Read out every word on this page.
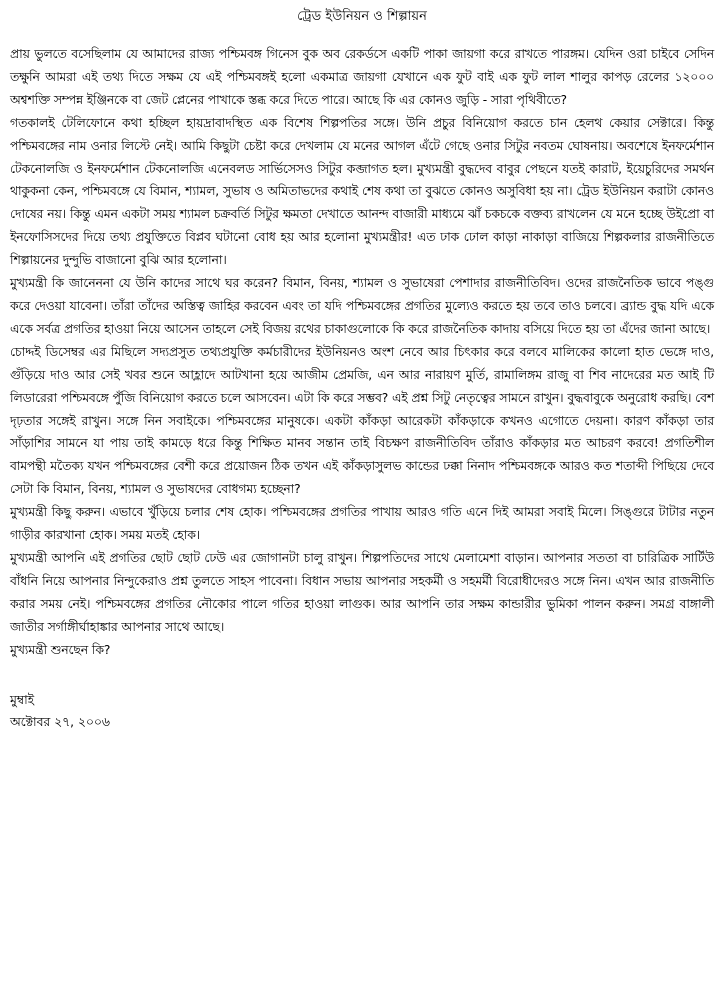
ট্রেড ইউনিয়ন ও শিল্পায়ন

প্রায় ভুলতে বসেছিলাম যে আমাদের রাজ্য পশ্চিমবঙ্গ গিনেস বুক অব রেকর্ডসে একটি পাকা জায়গা করে রাখতে পারঙ্গম। যেদিন ওরা চাইবে সেদিন তক্ষুনি আমরা এই তথ্য দিতে সক্ষম যে এই পশ্চিমবঙ্গই হলো একমাত্র জায়গা যেখানে এক ফুট বাই এক ফুট লাল শালুর কাপড় রেলের ১২০০০ অশ্বশক্তি সম্পন্ন ইঞ্জিনকে বা জেট প্লেনের পাখাকে স্তব্ধ করে দিতে পারে। আছে কি এর কোনও জুড়ি - সারা পৃথিবীতে?

গতকালই টেলিফোনে কথা হচ্ছিল হায়দ্রাবাদস্থিত এক বিশেষ শিল্পপতির সঙ্গে। উনি প্রচুর বিনিয়োগ করতে চান হেলথ কেয়ার সেক্টারে। কিন্তু পশ্চিমবঙ্গের নাম ওনার লিস্টে নেই। আমি কিছুটা চেষ্টা করে দেখলাম যে মনের আগল এঁটে গেছে ওনার সিটুর নবতম ঘোষনায়। অবশেষে ইনফর্মেশান টেকনোলজি ও ইনফর্মেশান টেকনোলজি এনেবলড সার্ভিসেসও সিটুর কব্জাগত হল। মুখ্যমন্ত্রী বুদ্ধদেব বাবুর পেছনে যতই কারাট, ইয়েচুরিদের সমর্থন থাকুকনা কেন, পশ্চিমবঙ্গে যে বিমান, শ্যামল, সুভাষ ও অমিতাভদের কথাই শেষ কথা তা বুঝতে কোনও অসুবিধা হয় না। ট্রেড ইউনিয়ন করাটা কোনও দোষের নয়। কিন্তু এমন একটা সময় শ্যামল চক্রবর্তি সিটুর ক্ষমতা দেখাতে আনন্দ বাজারী মাধ্যমে ঝাঁ চকচকে বক্তব্য রাখলেন যে মনে হচ্ছে উইপ্রো বা ইনফোসিসদের দিয়ে তথ্য প্রযুক্তিতে বিপ্লব ঘটানো বোধ হয় আর হলোনা মুখ্যমন্ত্রীর! এত ঢাক ঢোল কাড়া নাকাড়া বাজিয়ে শিল্পকলার রাজনীতিতে শিল্পায়নের দুন্দুভি বাজানো বুঝি আর হলোনা।

মুখ্যমন্ত্রী কি জানেননা যে উনি কাদের সাথে ঘর করেন? বিমান, বিনয়, শ্যামল ও সুভাষেরা পেশাদার রাজনীতিবিদ। ওদের রাজনৈতিক ভাবে পঙ্গু করে দেওয়া যাবেনা। তাঁরা তাঁদের অস্তিত্ব জাহির করবেন এবং তা যদি পশ্চিমবঙ্গের প্রগতির মুল্যেও করতে হয় তবে তাও চলবে। ব্র্যান্ড বুদ্ধ যদি একে একে সর্বত্র প্রগতির হাওয়া নিয়ে আসেন তাহলে সেই বিজয় রথের চাকাগুলোকে কি করে রাজনৈতিক কাদায় বসিয়ে দিতে হয় তা এঁদের জানা আছে।

চোদ্দই ডিসেম্বর এর মিছিলে সদ্যপ্রসুত তথ্যপ্রযুক্তি কর্মচারীদের ইউনিয়নও অংশ নেবে আর চিৎকার করে বলবে মালিকের কালো হাত ভেঙ্গে দাও, গুঁড়িয়ে দাও আর সেই খবর শুনে আহ্লাদে আটখানা হয়ে আজীম প্রেমজি, এন আর নারায়ণ মুর্তি, রামালিঙ্গম রাজু বা শিব নাদেরের মত আই টি লিডারেরা পশ্চিমবঙ্গে পুঁজি বিনিয়োগ করতে চলে আসবেন। এটা কি করে সম্ভব? এই প্রশ্ন সিটু নেতৃত্বের সামনে রাখুন। বুদ্ধবাবুকে অনুরোধ করছি। বেশ দৃঢ়তার সঙ্গেই রাখুন। সঙ্গে নিন সবাইকে। পশ্চিমবঙ্গের মানুষকে। একটা কাঁকড়া আরেকটা কাঁকড়াকে কখনও এগোতে দেয়না। কারণ কাঁকড়া তার সাঁড়াশির সামনে যা পায় তাই কামড়ে ধরে কিন্তু শিক্ষিত মানব সন্তান তাই বিচক্ষণ রাজনীতিবিদ তাঁরাও কাঁকড়ার মত আচরণ করবে! প্রগতিশীল বামপন্থী মতৈক্য যখন পশ্চিমবঙ্গের বেশী করে প্রয়োজন ঠিক তখন এই কাঁকড়াসুলভ কান্ডের ঢক্কা নিনাদ পশ্চিমবঙ্গকে আরও কত শতাব্দী পিছিয়ে দেবে সেটা কি বিমান, বিনয়, শ্যামল ও সুভাষদের বোধগম্য হচ্ছেনা?

মুখ্যমন্ত্রী কিছু করুন। এভাবে খুঁড়িয়ে চলার শেষ হোক। পশ্চিমবঙ্গের প্রগতির পাখায় আরও গতি এনে দিই আমরা সবাই মিলে। সিঙ্গুরে টাটার নতুন গাড়ীর কারখানা হোক। সময় মতই হোক।

মুখ্যমন্ত্রী আপনি এই প্রগতির ছোট ছোট ঢেউ এর জোগানটা চালু রাখুন। শিল্পপতিদের সাথে মেলামেশা বাড়ান। আপনার সততা বা চারিত্রিক সার্টিউ বাঁধনি নিয়ে আপনার নিন্দুকেরাও প্রশ্ন তুলতে সাহস পাবেনা। বিধান সভায় আপনার সহকর্মী ও সহমর্মী বিরোধীদেরও সঙ্গে নিন। এখন আর রাজনীতি করার সময় নেই। পশ্চিমবঙ্গের প্রগতির নৌকোর পালে গতির হাওয়া লাগুক। আর আপনি তার সক্ষম কান্ডারীর ভুমিকা পালন করুন। সমগ্র বাঙ্গালী জাতীর সর্গাঙ্গীর্ঘাহাঙ্কার আপনার সাথে আছে।

মুখ্যমন্ত্রী শুনছেন কি?

মুম্বাই
অক্টোবর ২৭, ২০০৬
